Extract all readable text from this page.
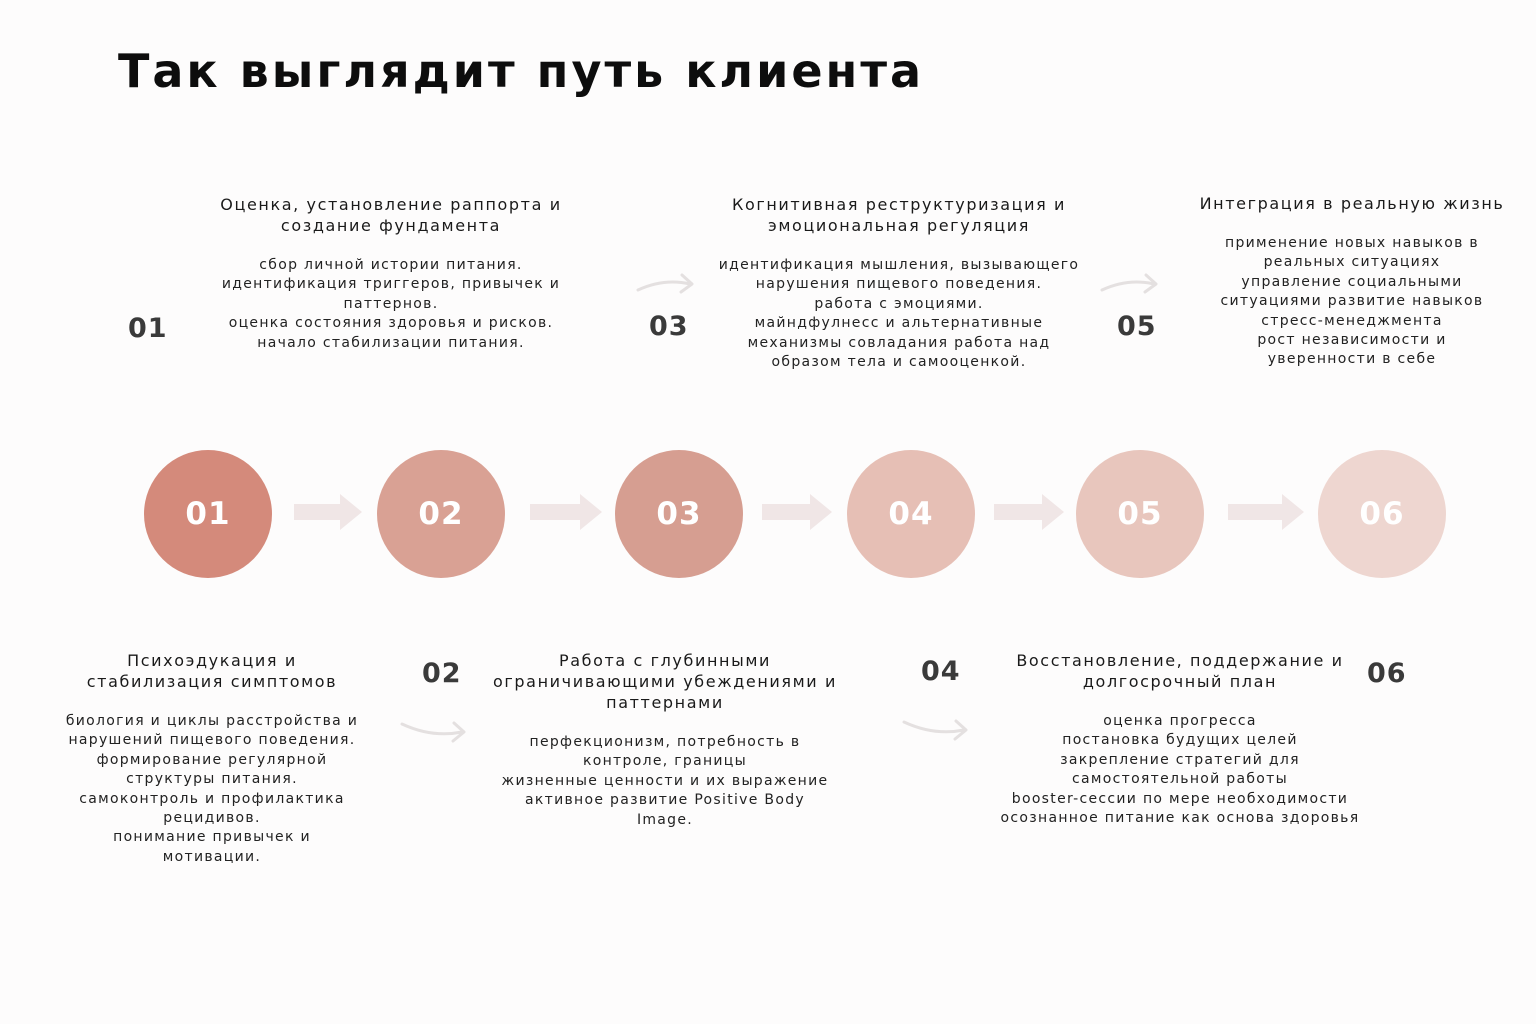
Так выглядит путь клиента
Оценка, установление раппорта и
создание фундамента
сбор личной истории питания.
идентификация триггеров, привычек и
паттернов.
оценка состояния здоровья и рисков.
начало стабилизации питания.
01	03
Когнитивная реструктуризация и
эмоциональная регуляция
идентификация мышления, вызывающего
нарушения пищевого поведения.
работа с эмоциями.
майндфулнесс и альтернативные
механизмы совладания работа над
образом тела и самооценкой.
05
Интеграция в реальную жизнь
применение новых навыков в
реальных ситуациях
управление социальными
ситуациями развитие навыков
стресс-менеджмента
рост независимости и
уверенности в себе
01	02	03	04	05	06
Психоэдукация и
стабилизация симптомов
биология и циклы расстройства и
нарушений пищевого поведения.
формирование регулярной
структуры питания.
самоконтроль и профилактика
рецидивов.
понимание привычек и
мотивации.
02	Работа с глубинными
ограничивающими убеждениями и
паттернами
перфекционизм, потребность в
контроле, границы
жизненные ценности и их выражение
активное развитие Positive Body
Image.
04	Восстановление, поддержание и
долгосрочный план
оценка прогресса
постановка будущих целей
закрепление стратегий для
самостоятельной работы
booster-сессии по мере необходимости
осознанное питание как основа здоровья
06
